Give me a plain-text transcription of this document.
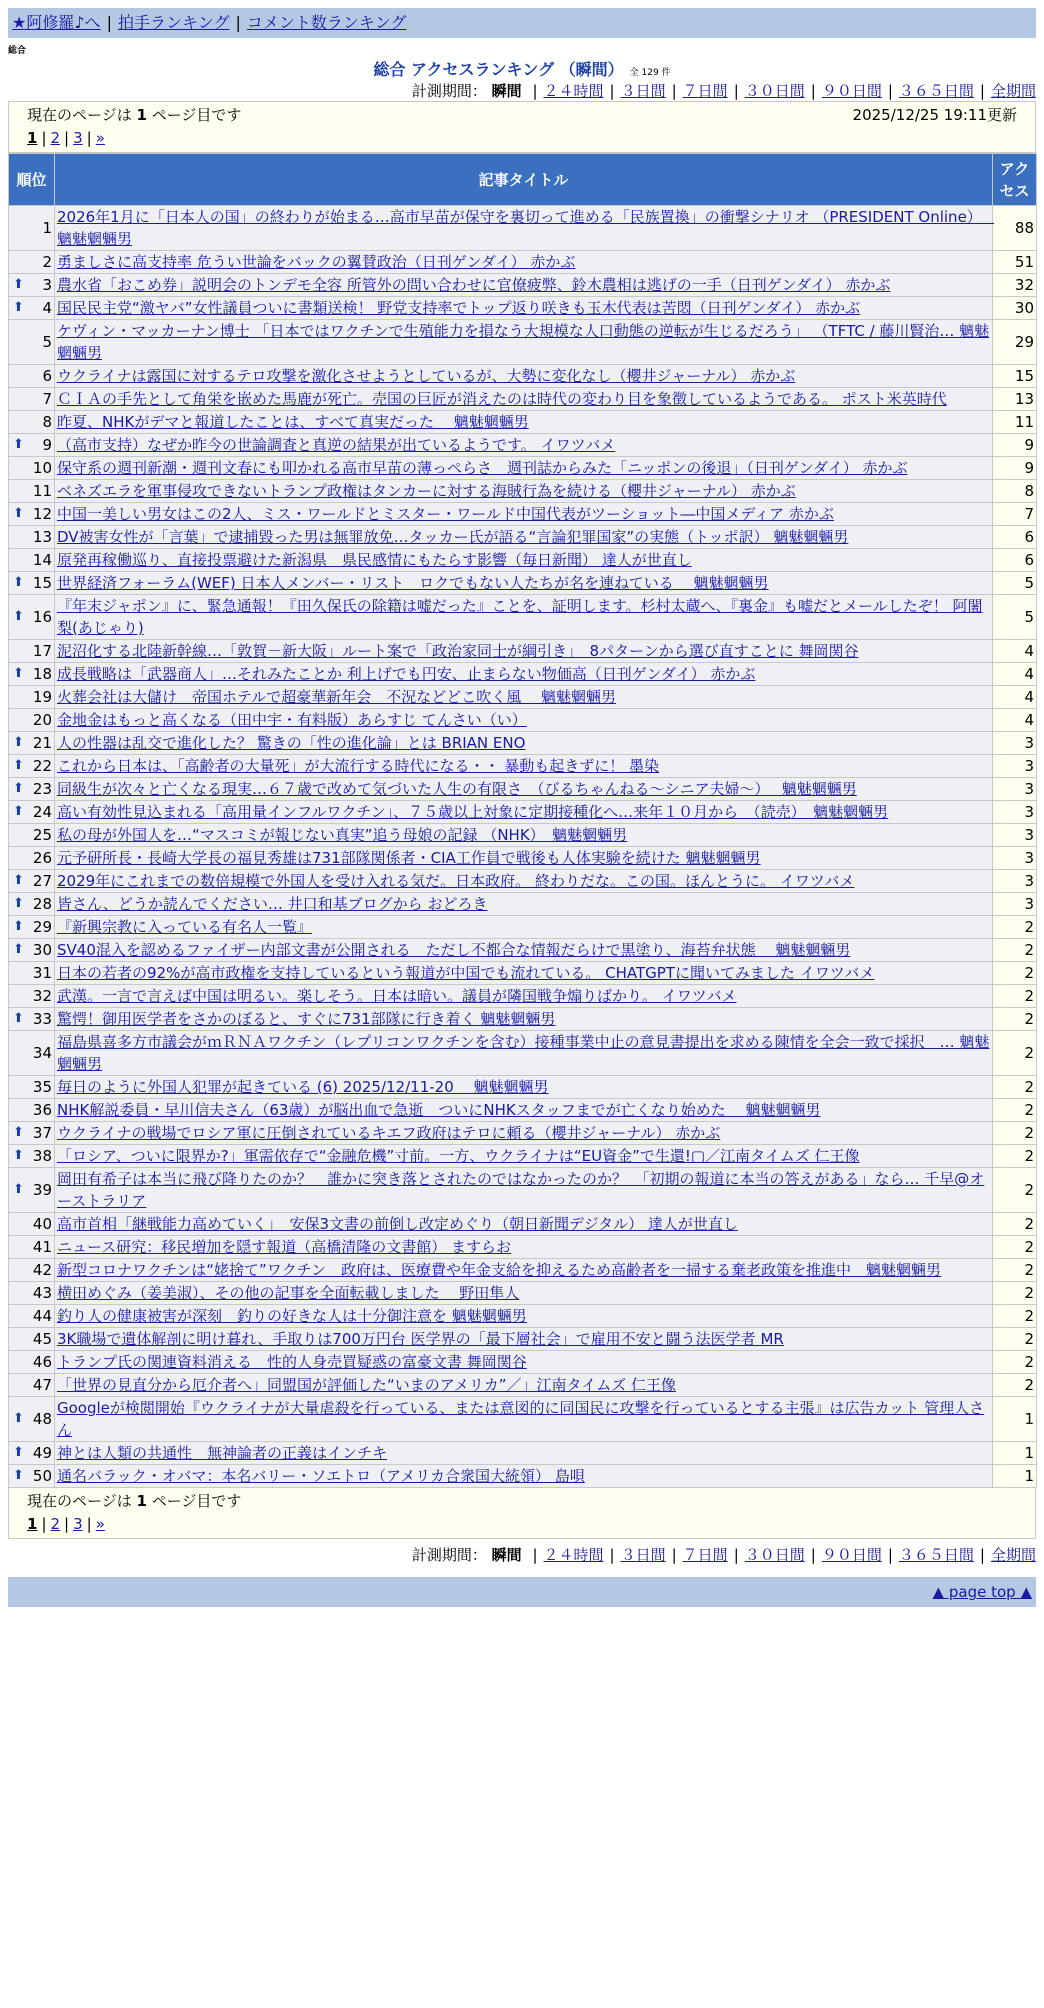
★阿修羅♪へ | 拍手ランキング | コメント数ランキング
総合
総合 アクセスランキング （瞬間） 全 129 件
計測期間： 瞬間 | ２４時間 | ３日間 | ７日間 | ３０日間 | ９０日間 | ３６５日間 | 全期間
現在のページは 1 ページ目です	2025/12/25 19:11更新
1 | 2 | 3 | »
順位	記事タイトル	アクセス
1	2026年1月に「日本人の国」の終わりが始まる…高市早苗が保守を裏切って進める「民族置換」の衝撃シナリオ （PRESIDENT Online）　 魑魅魍魎男	88
2	勇ましさに高支持率 危うい世論をバックの翼賛政治（日刊ゲンダイ） 赤かぶ	51

⬆ 3	農水省「おこめ券」説明会のトンデモ全容 所管外の問い合わせに官僚疲弊、鈴木農相は逃げの一手（日刊ゲンダイ） 赤かぶ	32

⬆ 4	国民民主党“激ヤバ”女性議員ついに書類送検！ 野党支持率でトップ返り咲きも玉木代表は苦悶（日刊ゲンダイ） 赤かぶ	30
5	ケヴィン・マッカーナン博士 「日本ではワクチンで生殖能力を損なう大規模な人口動態の逆転が生じるだろう」 （TFTC / 藤川賢治… 魑魅魍魎男	29
6	ウクライナは露国に対するテロ攻撃を激化させようとしているが、大勢に変化なし（櫻井ジャーナル） 赤かぶ	15
7	ＣＩＡの手先として角栄を嵌めた馬鹿が死亡。売国の巨匠が消えたのは時代の変わり目を象徴しているようである。 ポスト米英時代	13
8	昨夏、NHKがデマと報道したことは、すべて真実だった　 魑魅魍魎男	11

⬆ 9	（高市支持）なぜか昨今の世論調査と真逆の結果が出ているようです。 イワツバメ	9
10	保守系の週刊新潮・週刊文春にも叩かれる高市早苗の薄っぺらさ　週刊誌からみた「ニッポンの後退」（日刊ゲンダイ） 赤かぶ	9
11	ベネズエラを軍事侵攻できないトランプ政権はタンカーに対する海賊行為を続ける（櫻井ジャーナル） 赤かぶ	8

⬆ 12	中国一美しい男女はこの2人、ミス・ワールドとミスター・ワールド中国代表がツーショット―中国メディア 赤かぶ	7
13	DV被害女性が「言葉」で逮捕毀った男は無罪放免…タッカー氏が語る“言論犯罪国家”の実態（トッポ訳） 魑魅魍魎男	6
14	原発再稼働巡り、直接投票避けた新潟県　県民感情にもたらす影響（毎日新聞） 達人が世直し	6

⬆ 15	世界経済フォーラム(WEF) 日本人メンバー・リスト　ロクでもない人たちが名を連ねている　 魑魅魍魎男	5

⬆ 16	『年末ジャポン』に、緊急通報！『田久保氏の除籍は嘘だった』ことを、証明します。杉村太蔵へ、『裏金』も嘘だとメールしたぞ！ 阿闍梨(あじゃり)	5
17	泥沼化する北陸新幹線…「敦賀－新大阪」ルート案で「政治家同士が綱引き」　8パターンから選び直すことに 舞岡関谷	4

⬆ 18	成長戦略は「武器商人」…それみたことか 利上げでも円安、止まらない物価高（日刊ゲンダイ） 赤かぶ	4
19	火葬会社は大儲け　帝国ホテルで超豪華新年会　不況などどこ吹く風　 魑魅魍魎男	4
20	金地金はもっと高くなる（田中宇・有料版）あらすじ てんさい（い）	4

⬆ 21	人の性器は乱交で進化した？ 驚きの「性の進化論」とは BRIAN ENO	3

⬆ 22	これから日本は、「高齢者の大量死」が大流行する時代になる・・ 暴動も起きずに！ 墨染	3

⬆ 23	同級生が次々と亡くなる現実…６７歳で改めて気づいた人生の有限さ　（びるちゃんねる〜シニア夫婦〜）　 魑魅魍魎男	3

⬆ 24	高い有効性見込まれる「高用量インフルワクチン」、７５歳以上対象に定期接種化へ…来年１０月から　（読売）　魑魅魍魎男	3
25	私の母が外国人を…“マスコミが報じない真実”追う母娘の記録 （NHK）　魑魅魍魎男	3
26	元予研所長・長崎大学長の福見秀雄は731部隊関係者・CIA工作員で戦後も人体実験を続けた 魑魅魍魎男	3

⬆ 27	2029年にこれまでの数倍規模で外国人を受け入れる気だ。日本政府。 終わりだな。この国。ほんとうに。 イワツバメ	3

⬆ 28	皆さん、どうか読んでください… 井口和基ブログから おどろき	3

⬆ 29	『新興宗教に入っている有名人一覧』	2

⬆ 30	SV40混入を認めるファイザー内部文書が公開される　ただし不都合な情報だらけで黒塗り、海苔弁状態　 魑魅魍魎男	2
31	日本の若者の92%が高市政権を支持しているという報道が中国でも流れている。 CHATGPTに聞いてみました イワツバメ	2
32	武漢。一言で言えば中国は明るい。楽しそう。日本は暗い。議員が隣国戦争煽りばかり。 イワツバメ	2

⬆ 33	驚愕！御用医学者をさかのぼると、すぐに731部隊に行き着く 魑魅魍魎男	2
34	福島県喜多方市議会がｍＲＮＡワクチン（レプリコンワクチンを含む）接種事業中止の意見書提出を求める陳情を全会一致で採択　… 魑魅魍魎男	2
35	毎日のように外国人犯罪が起きている (6) 2025/12/11-20　 魑魅魍魎男	2
36	NHK解説委員・早川信夫さん（63歳）が脳出血で急逝　ついにNHKスタッフまでが亡くなり始めた　 魑魅魍魎男	2

⬆ 37	ウクライナの戦場でロシア軍に圧倒されているキエフ政府はテロに頼る（櫻井ジャーナル） 赤かぶ	2

⬆ 38	「ロシア、ついに限界か?」軍需依存で“金融危機”寸前。一方、ウクライナは“EU資金”で生還!▢／江南タイムズ 仁王像	2

⬆ 39	岡田有希子は本当に飛び降りたのか？　誰かに突き落とされたのではなかったのか？　「初期の報道に本当の答えがある」なら… 千早@オーストラリア	2
40	高市首相「継戦能力高めていく」　安保3文書の前倒し改定めぐり（朝日新聞デジタル） 達人が世直し	2
41	ニュース研究：移民増加を隠す報道（高橋清隆の文書館） ますらお	2
42	新型コロナワクチンは“姥捨て”ワクチン　政府は、医療費や年金支給を抑えるため高齢者を一掃する棄老政策を推進中　魑魅魍魎男	2
43	横田めぐみ（姜美淑）、その他の記事を全面転載しました　 野田隼人	2
44	釣り人の健康被害が深刻　釣りの好きな人は十分御注意を 魑魅魍魎男	2
45	3K職場で遺体解剖に明け暮れ、手取りは700万円台 医学界の「最下層社会」で雇用不安と闘う法医学者 MR	2
46	トランプ氏の関連資料消える　性的人身売買疑惑の富豪文書 舞岡関谷	2
47	「世界の見直分から厄介者へ」同盟国が評価した“いまのアメリカ”／」江南タイムズ 仁王像	2

⬆ 48	Googleが検閲開始『ウクライナが大量虐殺を行っている、または意図的に同国民に攻撃を行っているとする主張』は広告カット 管理人さん	1

⬆ 49	神とは人類の共通性　無神論者の正義はインチキ	1

⬆ 50	通名バラック・オバマ：本名バリー・ソエトロ（アメリカ合衆国大統領） 島唄	1
現在のページは 1 ページ目です
1 | 2 | 3 | »
計測期間： 瞬間 | ２４時間 | ３日間 | ７日間 | ３０日間 | ９０日間 | ３６５日間 | 全期間
▲ page top ▲
